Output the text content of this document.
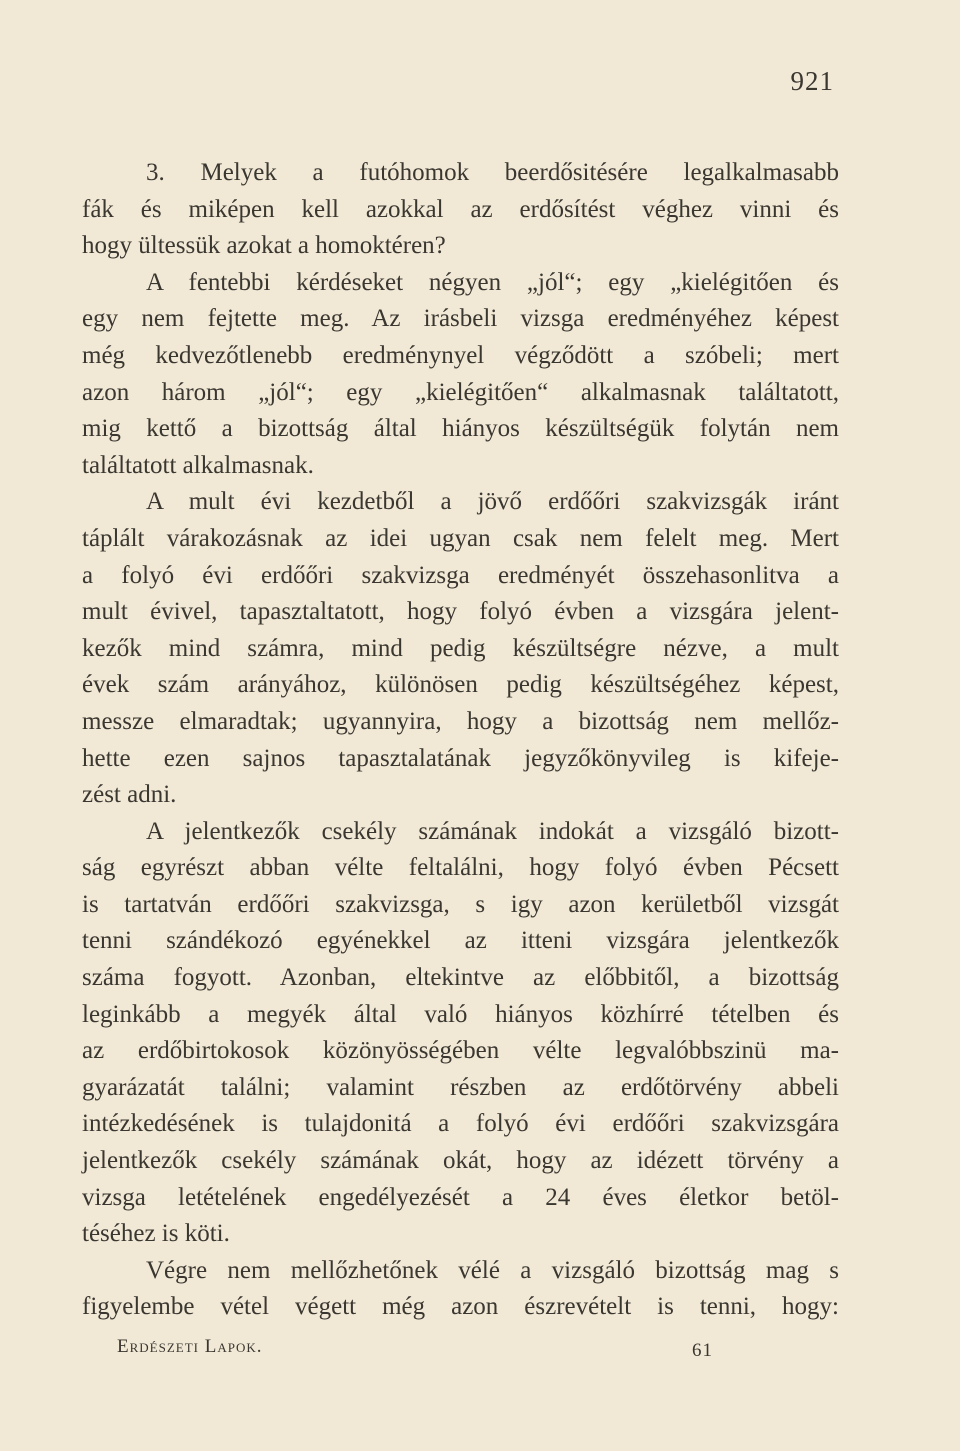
921
3. Melyek a futóhomok beerdősitésére legalkalmasabb
fák és miképen kell azokkal az erdősítést véghez vinni és
hogy ültessük azokat a homoktéren?
A fentebbi kérdéseket négyen „jól“; egy „kielégitően és
egy nem fejtette meg. Az irásbeli vizsga eredményéhez képest
még kedvezőtlenebb eredménynyel végződött a szóbeli; mert
azon három „jól“; egy „kielégitően“ alkalmasnak találtatott,
mig kettő a bizottság által hiányos készültségük folytán nem
találtatott alkalmasnak.
A mult évi kezdetből a jövő erdőőri szakvizsgák iránt
táplált várakozásnak az idei ugyan csak nem felelt meg. Mert
a folyó évi erdőőri szakvizsga eredményét összehasonlitva a
mult évivel, tapasztaltatott, hogy folyó évben a vizsgára jelent-
kezők mind számra, mind pedig készültségre nézve, a mult
évek szám arányához, különösen pedig készültségéhez képest,
messze elmaradtak; ugyannyira, hogy a bizottság nem mellőz-
hette ezen sajnos tapasztalatának jegyzőkönyvileg is kifeje-
zést adni.
A jelentkezők csekély számának indokát a vizsgáló bizott-
ság egyrészt abban vélte feltalálni, hogy folyó évben Pécsett
is tartatván erdőőri szakvizsga, s igy azon kerületből vizsgát
tenni szándékozó egyénekkel az itteni vizsgára jelentkezők
száma fogyott. Azonban, eltekintve az előbbitől, a bizottság
leginkább a megyék által való hiányos közhírré tételben és
az erdőbirtokosok közönyösségében vélte legvalóbbszinü ma-
gyarázatát találni; valamint részben az erdőtörvény abbeli
intézkedésének is tulajdonitá a folyó évi erdőőri szakvizsgára
jelentkezők csekély számának okát, hogy az idézett törvény a
vizsga letételének engedélyezését a 24 éves életkor betöl-
téséhez is köti.
Végre nem mellőzhetőnek vélé a vizsgáló bizottság mag s
figyelembe vétel végett még azon észrevételt is tenni, hogy:
Erdészeti Lapok.	61
